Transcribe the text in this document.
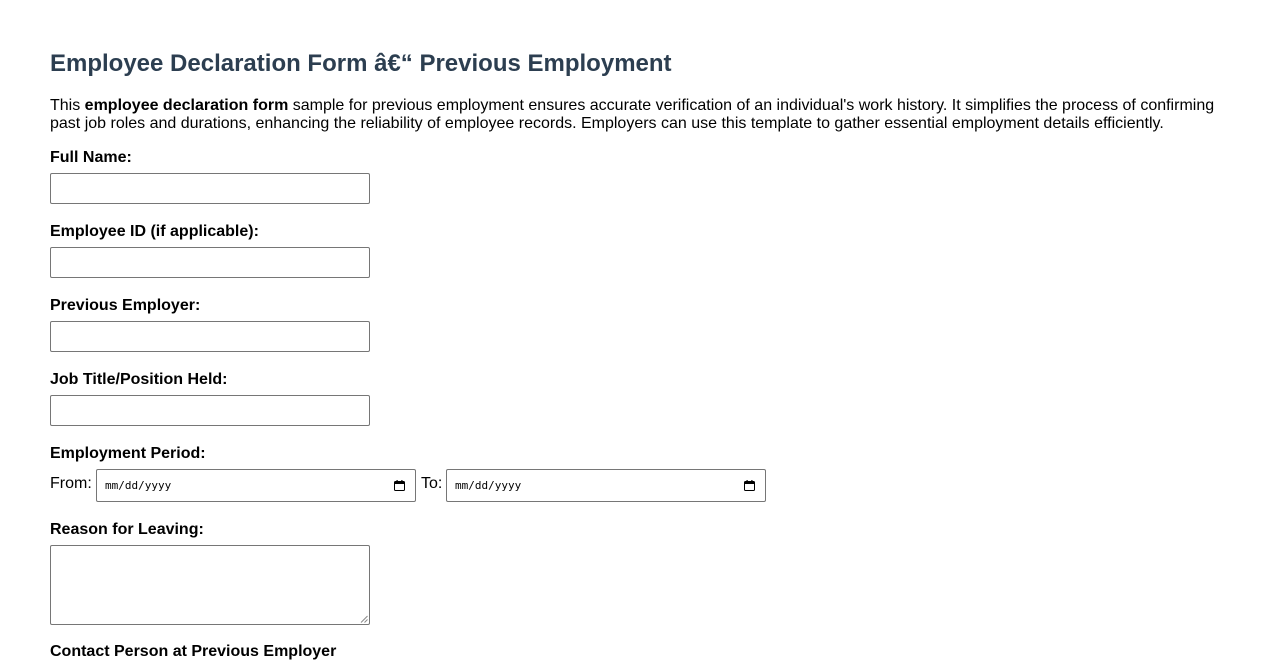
Employee Declaration Form â€“ Previous Employment

This employee declaration form sample for previous employment ensures accurate verification of an individual's work history. It simplifies the process of confirming past job roles and durations, enhancing the reliability of employee records. Employers can use this template to gather essential employment details efficiently.

Full Name:
Employee ID (if applicable):
Previous Employer:
Job Title/Position Held:
Employment Period:
From: mm/dd/yyyy	To: mm/dd/yyyy
Reason for Leaving:
Contact Person at Previous Employer
